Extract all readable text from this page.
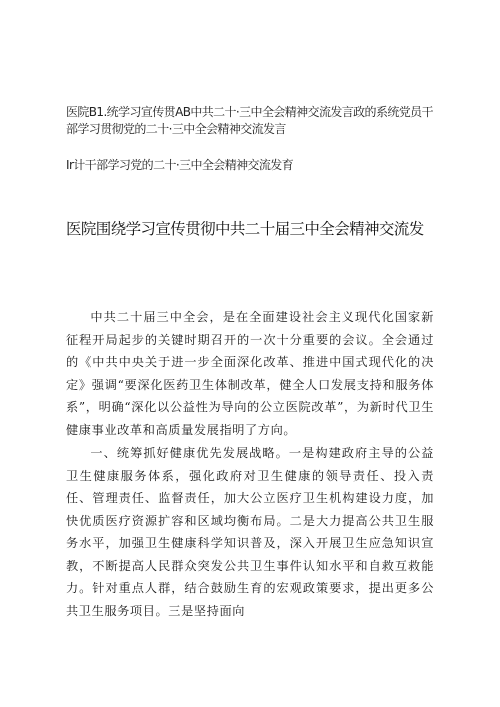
医院B1.统学习宣传贯AB中共二十·三中全会精神交流发言政的系统党员干部学习贯彻党的二十·三中全会精神交流发言
Ir计干部学习党的二十·三中全会精神交流发育
医院围绕学习宣传贯彻中共二十届三中全会精神交流发

中共二十届三中全会，是在全面建设社会主义现代化国家新征程开局起步的关键时期召开的一次十分重要的会议。全会通过的《中共中央关于进一步全面深化改革、推进中国式现代化的决定》强调“要深化医药卫生体制改革，健全人口发展支持和服务体系”，明确“深化以公益性为导向的公立医院改革”，为新时代卫生健康事业改革和高质量发展指明了方向。

一、统筹抓好健康优先发展战略。一是构建政府主导的公益卫生健康服务体系，强化政府对卫生健康的领导责任、投入责任、管理责任、监督责任，加大公立医疗卫生机构建设力度，加快优质医疗资源扩容和区域均衡布局。二是大力提高公共卫生服务水平，加强卫生健康科学知识普及，深入开展卫生应急知识宣教，不断提高人民群众突发公共卫生事件认知水平和自救互救能力。针对重点人群，结合鼓励生育的宏观政策要求，提出更多公共卫生服务项目。三是坚持面向
